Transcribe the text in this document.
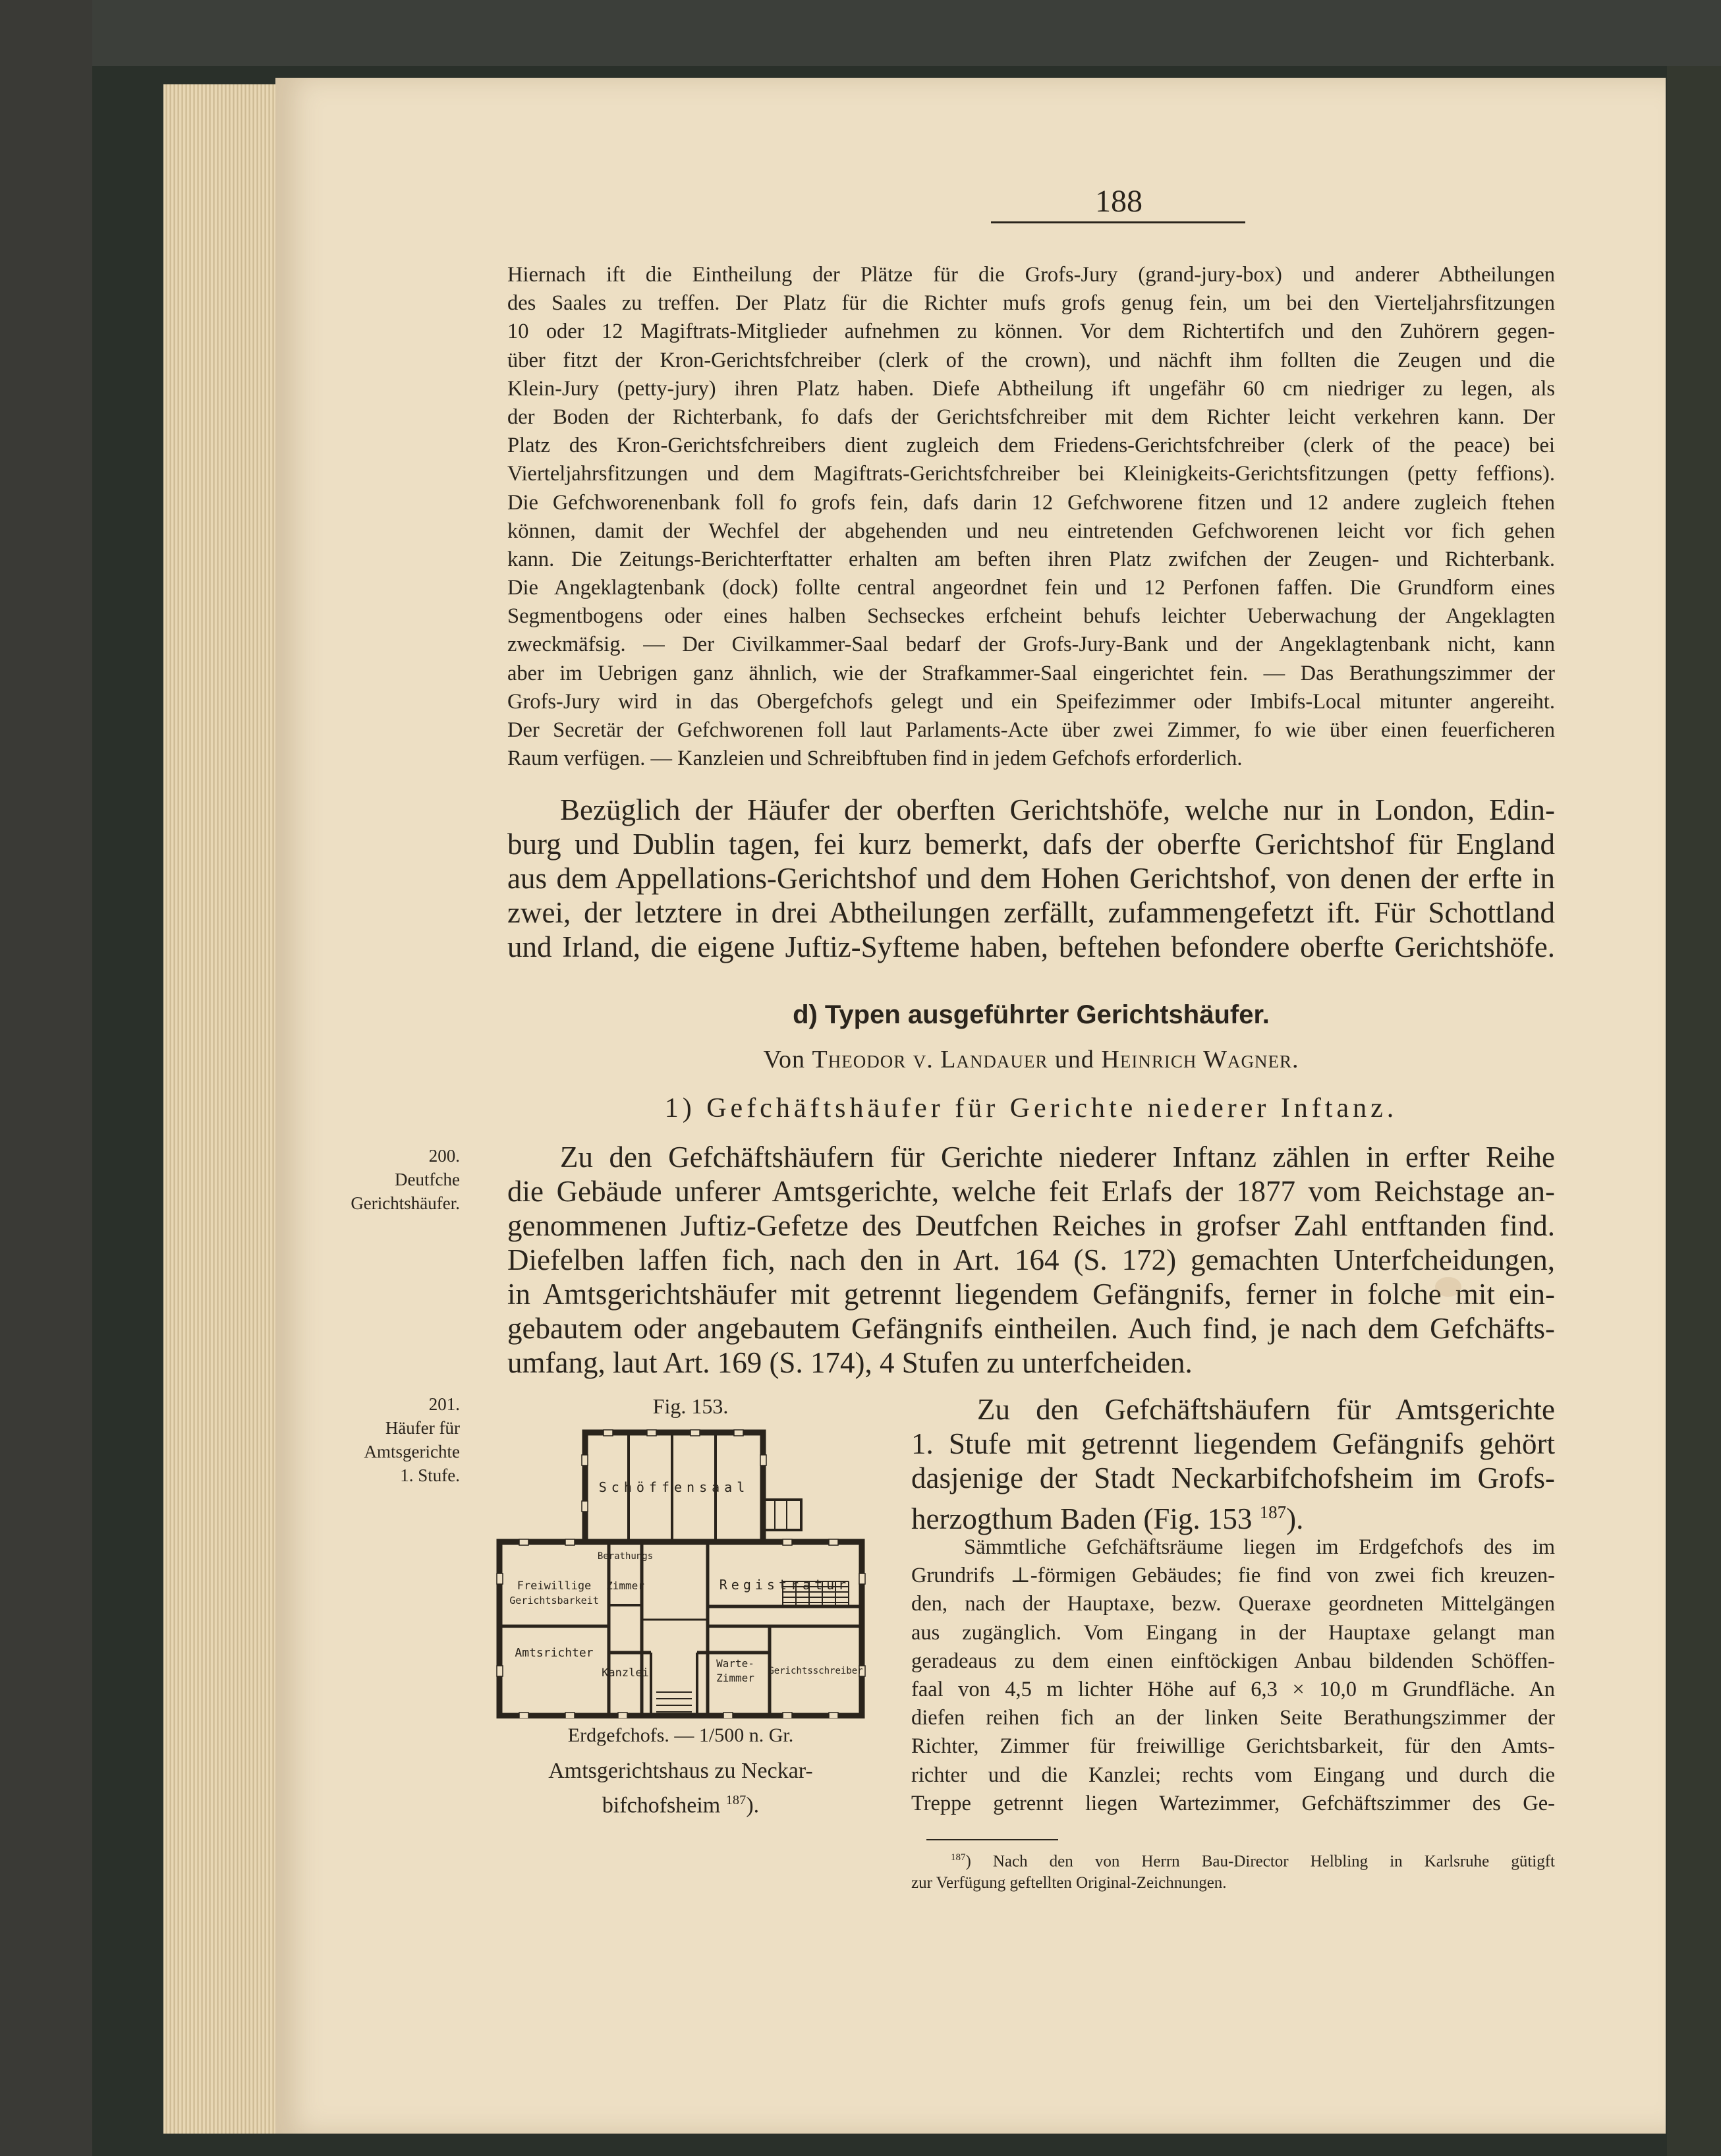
188
Hiernach ift die Eintheilung der Plätze für die Grofs-Jury (grand-jury-box) und anderer Abtheilungen
des Saales zu treffen. Der Platz für die Richter mufs grofs genug fein, um bei den Vierteljahrsfitzungen
10 oder 12 Magiftrats-Mitglieder aufnehmen zu können. Vor dem Richtertifch und den Zuhörern gegen-
über fitzt der Kron-Gerichtsfchreiber (clerk of the crown), und nächft ihm follten die Zeugen und die
Klein-Jury (petty-jury) ihren Platz haben. Diefe Abtheilung ift ungefähr 60 cm niedriger zu legen, als
der Boden der Richterbank, fo dafs der Gerichtsfchreiber mit dem Richter leicht verkehren kann. Der
Platz des Kron-Gerichtsfchreibers dient zugleich dem Friedens-Gerichtsfchreiber (clerk of the peace) bei
Vierteljahrsfitzungen und dem Magiftrats-Gerichtsfchreiber bei Kleinigkeits-Gerichtsfitzungen (petty feffions).
Die Gefchworenenbank foll fo grofs fein, dafs darin 12 Gefchworene fitzen und 12 andere zugleich ftehen
können, damit der Wechfel der abgehenden und neu eintretenden Gefchworenen leicht vor fich gehen
kann. Die Zeitungs-Berichterftatter erhalten am beften ihren Platz zwifchen der Zeugen- und Richterbank.
Die Angeklagtenbank (dock) follte central angeordnet fein und 12 Perfonen faffen. Die Grundform eines
Segmentbogens oder eines halben Sechseckes erfcheint behufs leichter Ueberwachung der Angeklagten
zweckmäfsig. — Der Civilkammer-Saal bedarf der Grofs-Jury-Bank und der Angeklagtenbank nicht, kann
aber im Uebrigen ganz ähnlich, wie der Strafkammer-Saal eingerichtet fein. — Das Berathungszimmer der
Grofs-Jury wird in das Obergefchofs gelegt und ein Speifezimmer oder Imbifs-Local mitunter angereiht.
Der Secretär der Gefchworenen foll laut Parlaments-Acte über zwei Zimmer, fo wie über einen feuerficheren
Raum verfügen. — Kanzleien und Schreibftuben find in jedem Gefchofs erforderlich.
Bezüglich der Häufer der oberften Gerichtshöfe, welche nur in London, Edin-
burg und Dublin tagen, fei kurz bemerkt, dafs der oberfte Gerichtshof für England
aus dem Appellations-Gerichtshof und dem Hohen Gerichtshof, von denen der erfte in
zwei, der letztere in drei Abtheilungen zerfällt, zufammengefetzt ift. Für Schottland
und Irland, die eigene Juftiz-Syfteme haben, beftehen befondere oberfte Gerichtshöfe.
d) Typen ausgeführter Gerichtshäufer.
Von Theodor v. Landauer und Heinrich Wagner.
1) Gefchäftshäufer für Gerichte niederer Inftanz.
200.
Deutfche
Gerichtshäufer.
201.
Häufer für
Amtsgerichte
1. Stufe.
Zu den Gefchäftshäufern für Gerichte niederer Inftanz zählen in erfter Reihe
die Gebäude unferer Amtsgerichte, welche feit Erlafs der 1877 vom Reichstage an-
genommenen Juftiz-Gefetze des Deutfchen Reiches in grofser Zahl entftanden find.
Diefelben laffen fich, nach den in Art. 164 (S. 172) gemachten Unterfcheidungen,
in Amtsgerichtshäufer mit getrennt liegendem Gefängnifs, ferner in folche mit ein-
gebautem oder angebautem Gefängnifs eintheilen. Auch find, je nach dem Gefchäfts-
umfang, laut Art. 169 (S. 174), 4 Stufen zu unterfcheiden.
Zu den Gefchäftshäufern für Amtsgerichte
1. Stufe mit getrennt liegendem Gefängnifs gehört
dasjenige der Stadt Neckarbifchofsheim im Grofs-
herzogthum Baden (Fig. 153 $^{187}$).
Sämmtliche Gefchäftsräume liegen im Erdgefchofs des im
Grundrifs ⊥-förmigen Gebäudes; fie find von zwei fich kreuzen-
den, nach der Hauptaxe, bezw. Queraxe geordneten Mittelgängen
aus zugänglich. Vom Eingang in der Hauptaxe gelangt man
geradeaus zu dem einen einftöckigen Anbau bildenden Schöffen-
faal von 4,5 m lichter Höhe auf 6,3 × 10,0 m Grundfläche. An
diefen reihen fich an der linken Seite Berathungszimmer der
Richter, Zimmer für freiwillige Gerichtsbarkeit, für den Amts-
richter und die Kanzlei; rechts vom Eingang und durch die
Treppe getrennt liegen Wartezimmer, Gefchäftszimmer des Ge-
Fig. 153.
Schöffensaal
Berathungs
Zimmer	Registratur
Freiwillige
Gerichtsbarkeit
Amtsrichter
Kanzlei
Warte-
Zimmer
Gerichtsschreiber
Erdgefchofs. — 1/500 n. Gr.
Amtsgerichtshaus zu Neckar-
bifchofsheim $^{187}$).
$^{187}$) Nach den von Herrn Bau-Director Helbling in Karlsruhe gütigft
zur Verfügung geftellten Original-Zeichnungen.
